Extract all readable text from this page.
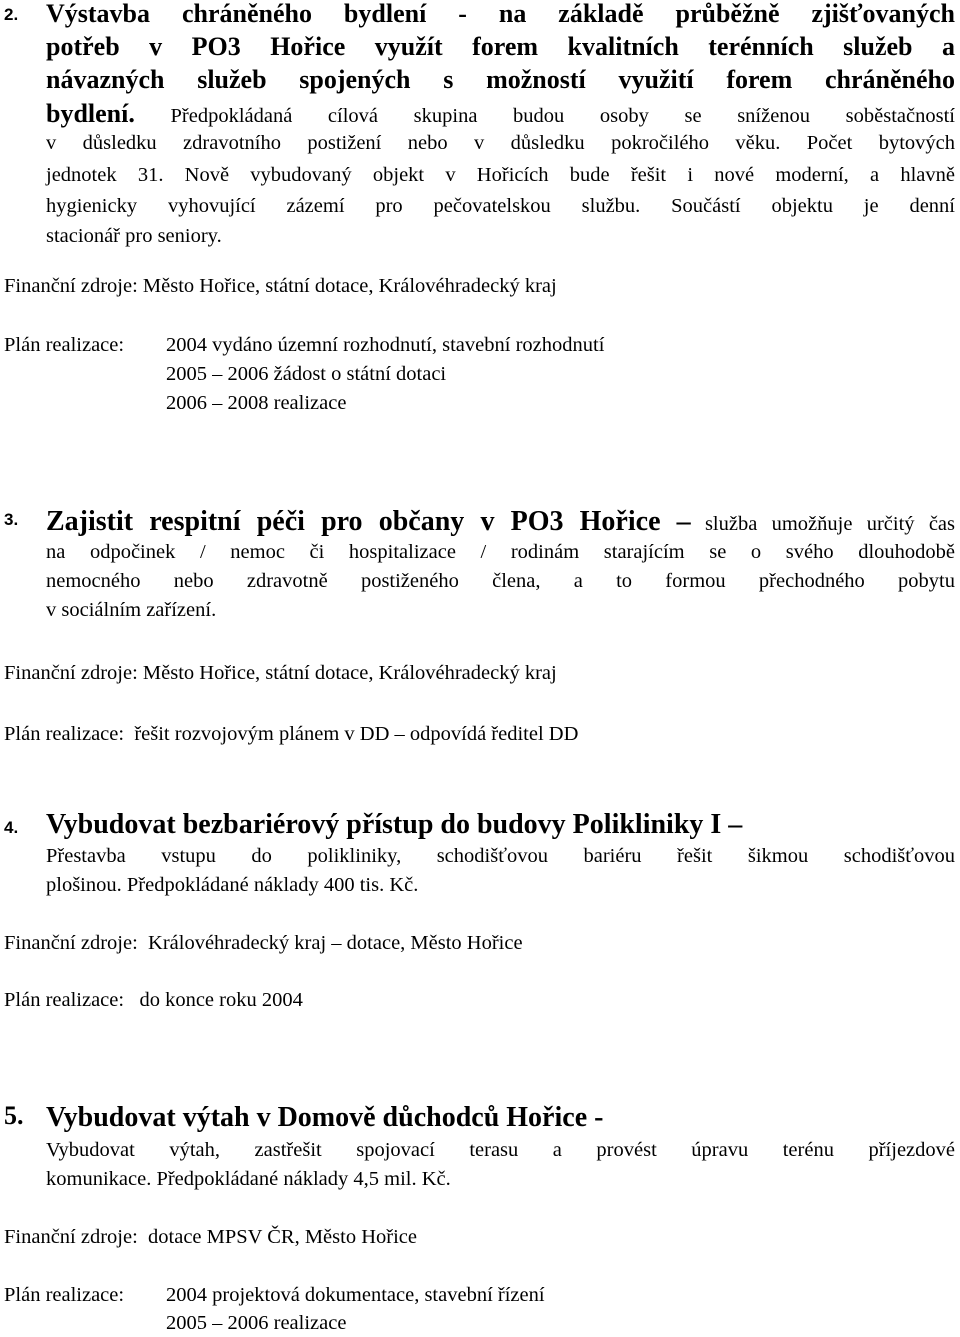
2. Výstavba chráněného bydlení - na základě průběžně zjišťovaných
potřeb v PO3 Hořice využít forem kvalitních terénních služeb a
návazných služeb spojených s možností využití forem chráněného
bydlení. Předpokládaná cílová skupina budou osoby se sníženou soběstačností
v důsledku zdravotního postižení nebo v důsledku pokročilého věku. Počet bytových
jednotek 31. Nově vybudovaný objekt v Hořicích bude řešit i nové moderní, a hlavně
hygienicky vyhovující zázemí pro pečovatelskou službu. Součástí objektu je denní
stacionář pro seniory.
Finanční zdroje: Město Hořice, státní dotace, Královéhradecký kraj
Plán realizace:	2004 vydáno územní rozhodnutí, stavební rozhodnutí
2005 – 2006 žádost o státní dotaci
2006 – 2008 realizace
3. Zajistit respitní péči pro občany v PO3 Hořice – služba umožňuje určitý čas
na odpočinek / nemoc či hospitalizace / rodinám starajícím se o svého dlouhodobě
nemocného nebo zdravotně postiženého člena, a to formou přechodného pobytu
v sociálním zařízení.
Finanční zdroje: Město Hořice, státní dotace, Královéhradecký kraj
Plán realizace:  řešit rozvojovým plánem v DD – odpovídá ředitel DD
4. Vybudovat bezbariérový přístup do budovy Polikliniky I –
Přestavba vstupu do polikliniky, schodišťovou bariéru řešit šikmou schodišťovou
plošinou. Předpokládané náklady 400 tis. Kč.
Finanční zdroje:  Královéhradecký kraj – dotace, Město Hořice
Plán realizace:   do konce roku 2004
5. Vybudovat výtah v Domově důchodců Hořice -
Vybudovat výtah, zastřešit spojovací terasu a provést úpravu terénu příjezdové
komunikace. Předpokládané náklady 4,5 mil. Kč.
Finanční zdroje:  dotace MPSV ČR, Město Hořice
Plán realizace:	2004 projektová dokumentace, stavební řízení
2005 – 2006 realizace
